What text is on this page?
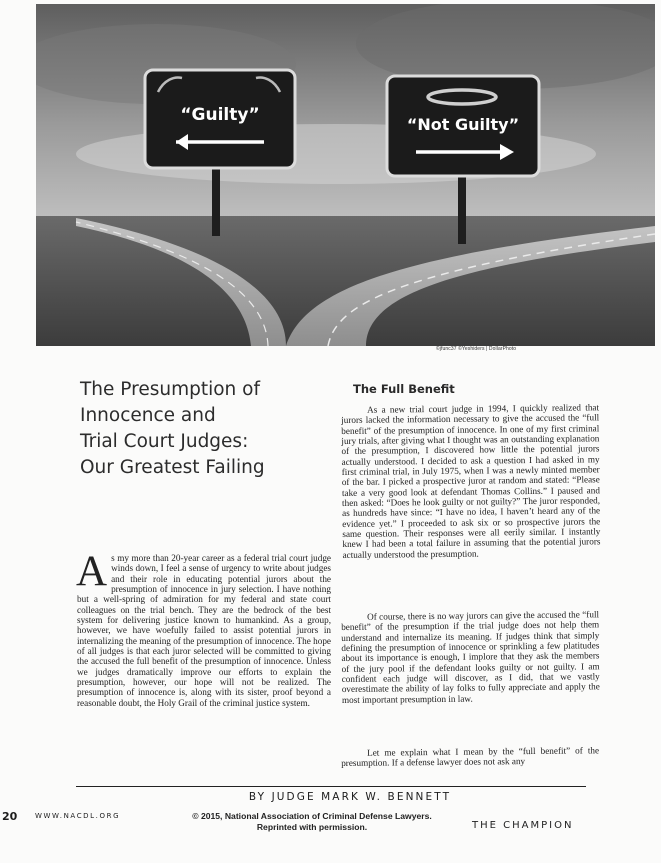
“Guilty”	“Not Guilty”
©jfunc37 ©Yeshiders | DollarPhoto
The Presumption of
Innocence and
Trial Court Judges:
Our Greatest Failing
The Full Benefit

As my more than 20-year career as a federal trial court judge winds down, I feel a sense of urgency to write about judges and their role in educating potential jurors about the presumption of innocence in jury selection. I have nothing but a well-spring of admiration for my federal and state court colleagues on the trial bench. They are the bedrock of the best system for delivering justice known to humankind. As a group, however, we have woefully failed to assist potential jurors in internalizing the meaning of the presumption of innocence. The hope of all judges is that each juror selected will be committed to giving the accused the full benefit of the presumption of innocence. Unless we judges dramatically improve our efforts to explain the presumption, however, our hope will not be realized. The presumption of innocence is, along with its sister, proof beyond a reasonable doubt, the Holy Grail of the criminal justice system.

As a new trial court judge in 1994, I quickly realized that jurors lacked the information necessary to give the accused the “full benefit” of the presumption of innocence. In one of my first criminal jury trials, after giving what I thought was an outstanding explanation of the presumption, I discovered how little the potential jurors actually understood. I decided to ask a question I had asked in my first criminal trial, in July 1975, when I was a newly minted member of the bar. I picked a prospective juror at random and stated: “Please take a very good look at defendant Thomas Collins.” I paused and then asked: “Does he look guilty or not guilty?” The juror responded, as hundreds have since: “I have no idea, I haven’t heard any of the evidence yet.” I proceeded to ask six or so prospective jurors the same question. Their responses were all eerily similar. I instantly knew I had been a total failure in assuming that the potential jurors actually understood the presumption.

Of course, there is no way jurors can give the accused the “full benefit” of the presumption if the trial judge does not help them understand and internalize its meaning. If judges think that simply defining the presumption of innocence or sprinkling a few platitudes about its importance is enough, I implore that they ask the members of the jury pool if the defendant looks guilty or not guilty. I am confident each judge will discover, as I did, that we vastly overestimate the ability of lay folks to fully appreciate and apply the most important presumption in law.

Let me explain what I mean by the “full benefit” of the presumption. If a defense lawyer does not ask any

BY JUDGE MARK W. BENNETT
20	WWW.NACDL.ORG	© 2015, National Association of Criminal Defense Lawyers.
Reprinted with permission.	THE CHAMPION
